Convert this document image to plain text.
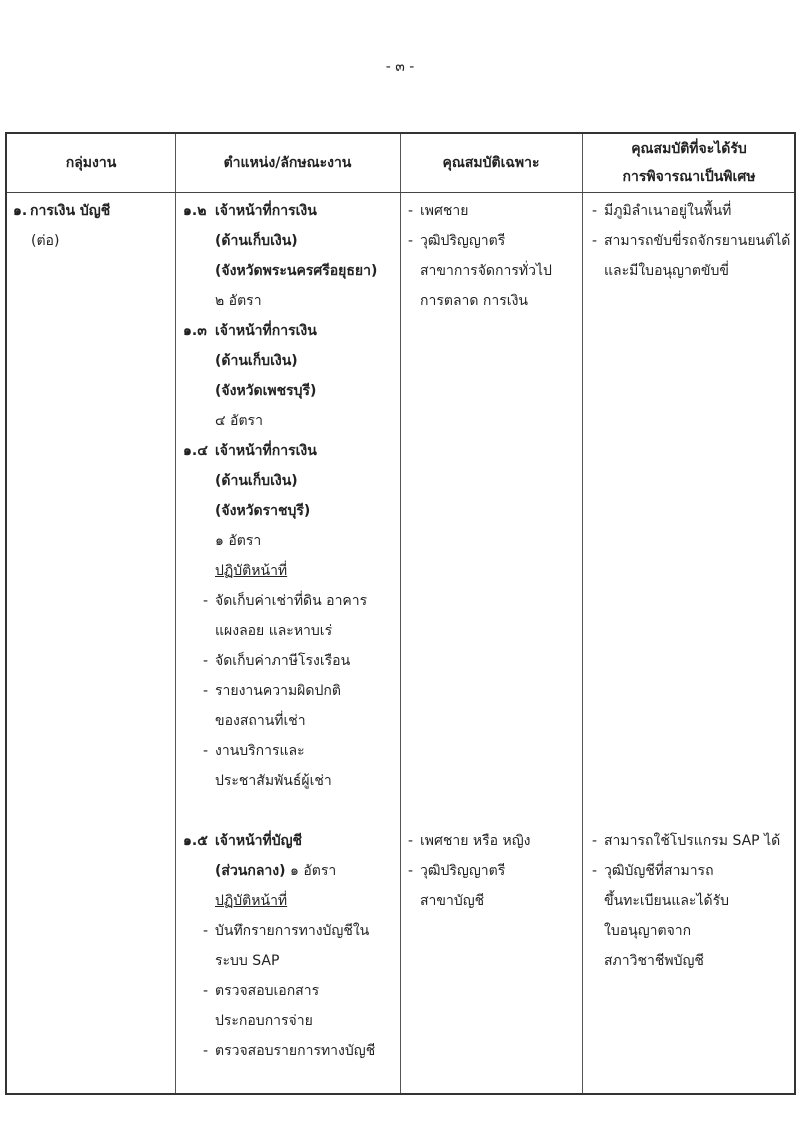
- ๓ -
กลุ่มงาน	ตำแหน่ง/ลักษณะงาน	คุณสมบัติเฉพาะ
คุณสมบัติที่จะได้รับ
การพิจารณาเป็นพิเศษ
๑. การเงิน บัญชี
(ต่อ)
๑.๒ เจ้าหน้าที่การเงิน
(ด้านเก็บเงิน)
(จังหวัดพระนครศรีอยุธยา)
๒ อัตรา
๑.๓ เจ้าหน้าที่การเงิน
(ด้านเก็บเงิน)
(จังหวัดเพชรบุรี)
๔ อัตรา
๑.๔ เจ้าหน้าที่การเงิน
(ด้านเก็บเงิน)
(จังหวัดราชบุรี)
๑ อัตรา
ปฏิบัติหน้าที่
- จัดเก็บค่าเช่าที่ดิน อาคาร
แผงลอย และหาบเร่
- จัดเก็บค่าภาษีโรงเรือน
- รายงานความผิดปกติ
ของสถานที่เช่า
- งานบริการและ
ประชาสัมพันธ์ผู้เช่า
๑.๕ เจ้าหน้าที่บัญชี
(ส่วนกลาง) ๑ อัตรา
ปฏิบัติหน้าที่
- บันทึกรายการทางบัญชีใน
ระบบ SAP
- ตรวจสอบเอกสาร
ประกอบการจ่าย
- ตรวจสอบรายการทางบัญชี
- เพศชาย
- วุฒิปริญญาตรี
สาขาการจัดการทั่วไป
การตลาด การเงิน
- เพศชาย หรือ หญิง
- วุฒิปริญญาตรี
สาขาบัญชี
- มีภูมิลำเนาอยู่ในพื้นที่
- สามารถขับขี่รถจักรยานยนต์ได้
และมีใบอนุญาตขับขี่
- สามารถใช้โปรแกรม SAP ได้
- วุฒิบัญชีที่สามารถ
ขึ้นทะเบียนและได้รับ
ใบอนุญาตจาก
สภาวิชาชีพบัญชี
